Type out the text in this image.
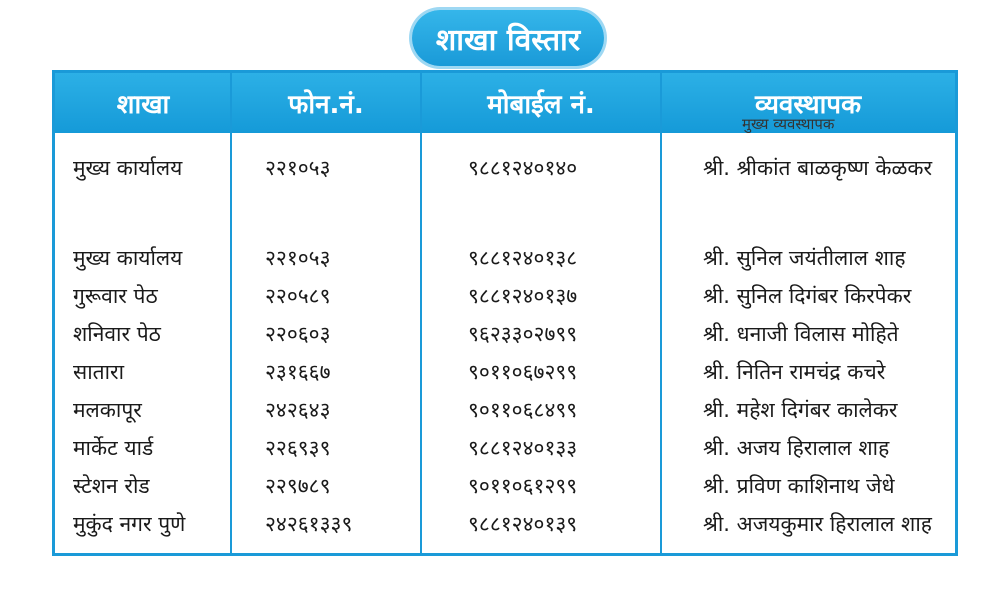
शाखा विस्तार
शाखा	फोन.नं.	मोबाईल नं.	व्यवस्थापक
मुख्य कार्यालय	२२१०५३	९८८१२४०१४०	श्री. श्रीकांत बाळकृष्ण केळकर
मुख्य कार्यालय	२२१०५३	९८८१२४०१३८	श्री. सुनिल जयंतीलाल शाह
गुरूवार पेठ	२२०५८९	९८८१२४०१३७	श्री. सुनिल दिगंबर किरपेकर
शनिवार पेठ	२२०६०३	९६२३३०२७९९	श्री. धनाजी विलास मोहिते
सातारा	२३१६६७	९०११०६७२९९	श्री. नितिन रामचंद्र कचरे
मलकापूर	२४२६४३	९०११०६८४९९	श्री. महेश दिगंबर कालेकर
मार्केट यार्ड	२२६९३९	९८८१२४०१३३	श्री. अजय हिरालाल शाह
स्टेशन रोड	२२९७८९	९०११०६१२९९	श्री. प्रविण काशिनाथ जेधे
मुकुंद नगर पुणे	२४२६१३३९	९८८१२४०१३९	श्री. अजयकुमार हिरालाल शाह
मुख्य व्यवस्थापक
